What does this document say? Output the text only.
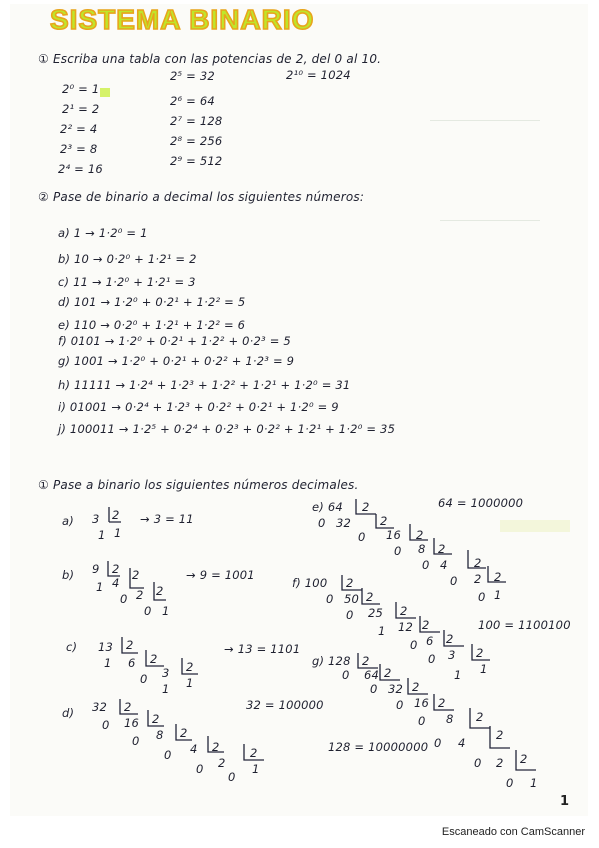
SISTEMA BINARIO
① Escriba una tabla con las potencias de 2, del 0 al 10.
2⁰ = 1
2¹ = 2
2² = 4
2³ = 8
2⁴ = 16
2⁵ = 32
2⁶ = 64
2⁷ = 128
2⁸ = 256
2⁹ = 512
2¹⁰ = 1024
② Pase de binario a decimal los siguientes números:
a) 1 → 1·2⁰ = 1
b) 10 → 0·2⁰ + 1·2¹ = 2
c) 11 → 1·2⁰ + 1·2¹ = 3
d) 101 → 1·2⁰ + 0·2¹ + 1·2² = 5
e) 110 → 0·2⁰ + 1·2¹ + 1·2² = 6
f) 0101 → 1·2⁰ + 0·2¹ + 1·2² + 0·2³ = 5
g) 1001 → 1·2⁰ + 0·2¹ + 0·2² + 1·2³ = 9
h) 11111 → 1·2⁴ + 1·2³ + 1·2² + 1·2¹ + 1·2⁰ = 31
i) 01001 → 0·2⁴ + 1·2³ + 0·2² + 0·2¹ + 1·2⁰ = 9
j) 100011 → 1·2⁵ + 0·2⁴ + 0·2³ + 0·2² + 1·2¹ + 1·2⁰ = 35
① Pase a binario los siguientes números decimales.
a) 3 2
1 1
→ 3 = 11
b) 9 2
1 4
2
0 2 2
0 1
→ 9 = 1001
c) 13 2
1 6 2
0 3 2
1 1
→ 13 = 1101
d) 32 2
0 16 2
0 8 2
0 4 2
0 2
2
0
1
32 = 100000
e) 64 2
0 32	2
0 16 2
0 8 2
0 4 2
0 2 2
0 1
64 = 1000000
f) 100 2
0 50 2
0 25 2
1 12 2
0 6 2
0 3 2
1 1
100 = 1100100
g) 128 2
0 64 2
0 32 2
0 16 2
0 8 2
0 4
2
0 2 2
0 1
128 = 10000000
1
Escaneado con CamScanner
